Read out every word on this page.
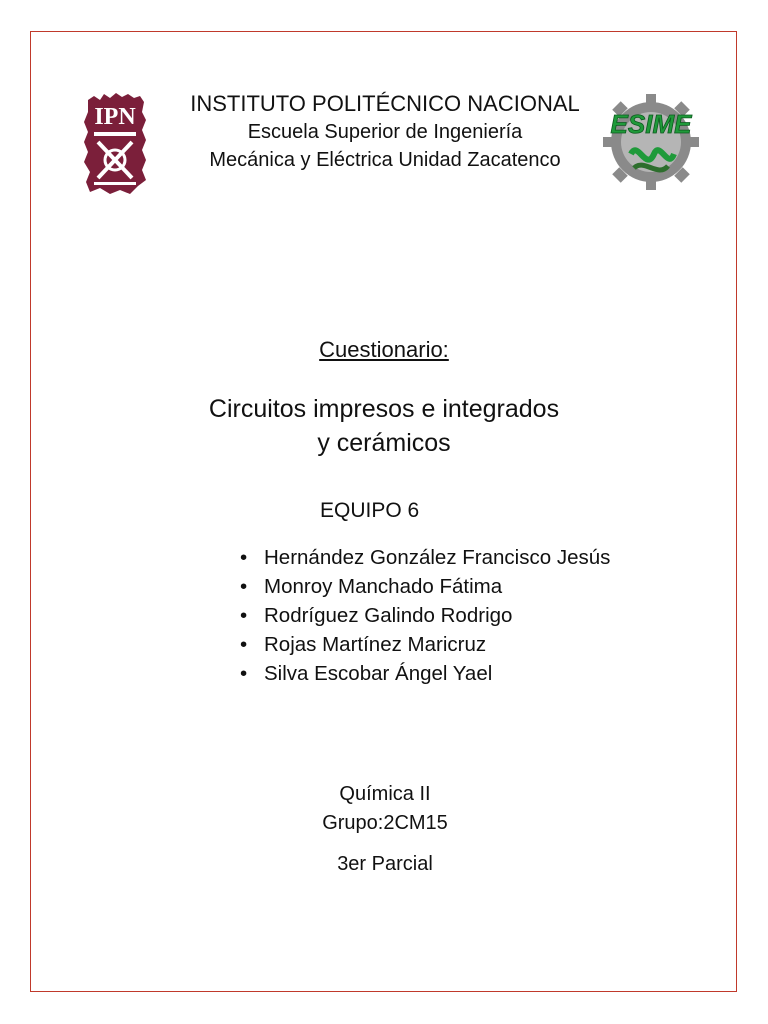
IPN
INSTITUTO POLITÉCNICO NACIONAL
Escuela Superior de Ingeniería
Mecánica y Eléctrica Unidad Zacatenco
ESIME
Cuestionario:
Circuitos impresos e integrados
y cerámicos
EQUIPO 6
• Hernández González Francisco Jesús
• Monroy Manchado Fátima
• Rodríguez Galindo Rodrigo
• Rojas Martínez Maricruz
• Silva Escobar Ángel Yael
Química II
Grupo:2CM15
3er Parcial
